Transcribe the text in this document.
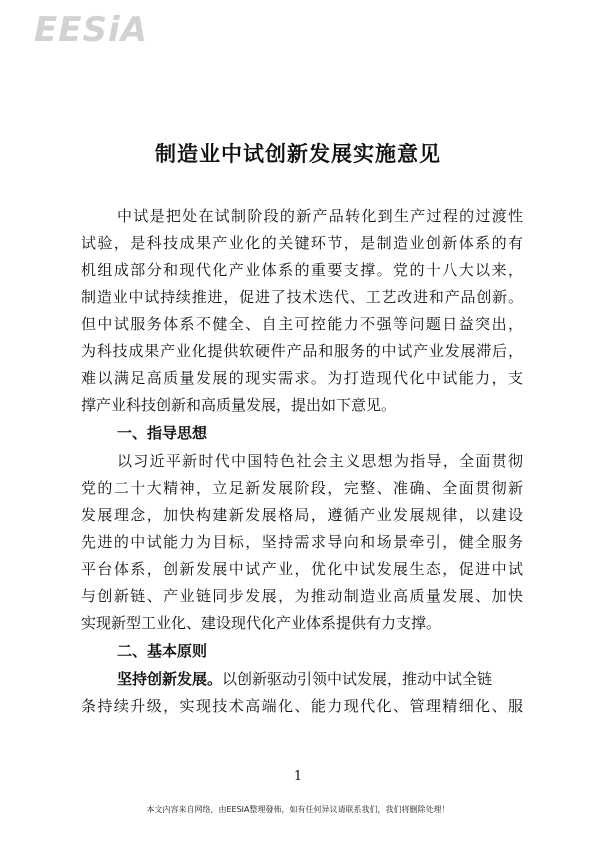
EESiA
制造业中试创新发展实施意见
中试是把处在试制阶段的新产品转化到生产过程的过渡性
试验，是科技成果产业化的关键环节，是制造业创新体系的有
机组成部分和现代化产业体系的重要支撑。党的十八大以来，
制造业中试持续推进，促进了技术迭代、工艺改进和产品创新。
但中试服务体系不健全、自主可控能力不强等问题日益突出，
为科技成果产业化提供软硬件产品和服务的中试产业发展滞后，
难以满足高质量发展的现实需求。为打造现代化中试能力，支
撑产业科技创新和高质量发展，提出如下意见。
一、指导思想
以习近平新时代中国特色社会主义思想为指导，全面贯彻
党的二十大精神，立足新发展阶段，完整、准确、全面贯彻新
发展理念，加快构建新发展格局，遵循产业发展规律，以建设
先进的中试能力为目标，坚持需求导向和场景牵引，健全服务
平台体系，创新发展中试产业，优化中试发展生态，促进中试
与创新链、产业链同步发展，为推动制造业高质量发展、加快
实现新型工业化、建设现代化产业体系提供有力支撑。
二、基本原则
坚持创新发展。以创新驱动引领中试发展，推动中试全链
条持续升级，实现技术高端化、能力现代化、管理精细化、服
1
本文内容来自网络，由EESIA整理發佈，如有任何异议请联系我们，我们将删除处理！
